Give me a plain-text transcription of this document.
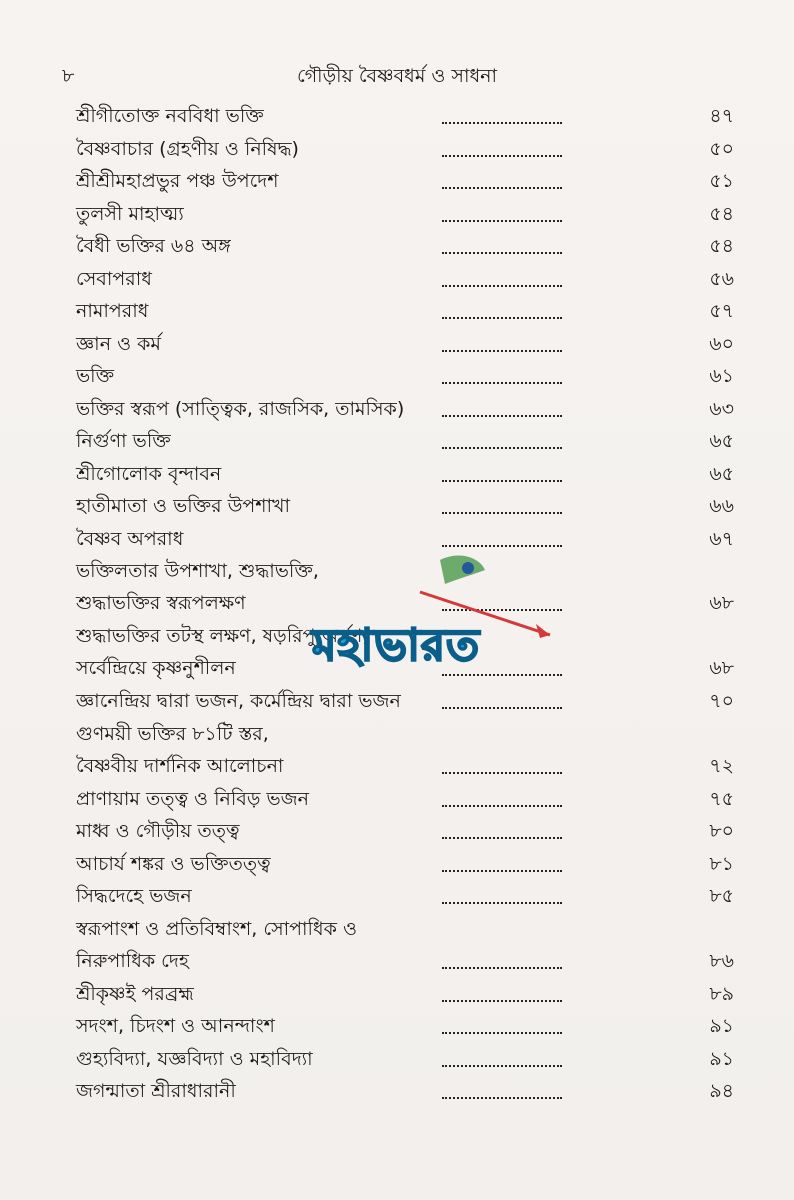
৮	গৌড়ীয় বৈষ্ণবধর্ম ও সাধনা
শ্রীগীতোক্ত নববিধা ভক্তি	৪৭
বৈষ্ণবাচার (গ্রহণীয় ও নিষিদ্ধ)	৫০
শ্রীশ্রীমহাপ্রভুর পঞ্চ উপদেশ	৫১
তুলসী মাহাত্ম্য	৫৪
বৈধী ভক্তির ৬৪ অঙ্গ	৫৪
সেবাপরাধ	৫৬
নামাপরাধ	৫৭
জ্ঞান ও কর্ম	৬০
ভক্তি	৬১
ভক্তির স্বরূপ (সাত্ত্বিক, রাজসিক, তামসিক)	৬৩
নির্গুণা ভক্তি	৬৫
শ্রীগোলোক বৃন্দাবন	৬৫
হাতীমাতা ও ভক্তির উপশাখা	৬৬
বৈষ্ণব অপরাধ	৬৭
ভক্তিলতার উপশাখা, শুদ্ধাভক্তি,
শুদ্ধাভক্তির স্বরূপলক্ষণ	৬৮
শুদ্ধাভক্তির তটস্থ লক্ষণ, ষড়রিপু অর্পণ,
সর্বেন্দ্রিয়ে কৃষ্ণনুশীলন	৬৮
জ্ঞানেন্দ্রিয় দ্বারা ভজন, কর্মেন্দ্রিয় দ্বারা ভজন	৭০
গুণময়ী ভক্তির ৮১টি স্তর,
বৈষ্ণবীয় দার্শনিক আলোচনা	৭২
প্রাণায়াম তত্ত্ব ও নিবিড় ভজন	৭৫
মাধ্ব ও গৌড়ীয় তত্ত্ব	৮০
আচার্য শঙ্কর ও ভক্তিতত্ত্ব	৮১
সিদ্ধদেহে ভজন	৮৫
স্বরূপাংশ ও প্রতিবিম্বাংশ, সোপাধিক ও
নিরুপাধিক দেহ	৮৬
শ্রীকৃষ্ণই পরব্রহ্ম	৮৯
সদংশ, চিদংশ ও আনন্দাংশ	৯১
গুহ্যবিদ্যা, যজ্ঞবিদ্যা ও মহাবিদ্যা	৯১
জগন্মাতা শ্রীরাধারানী	৯৪
মহাভারত
